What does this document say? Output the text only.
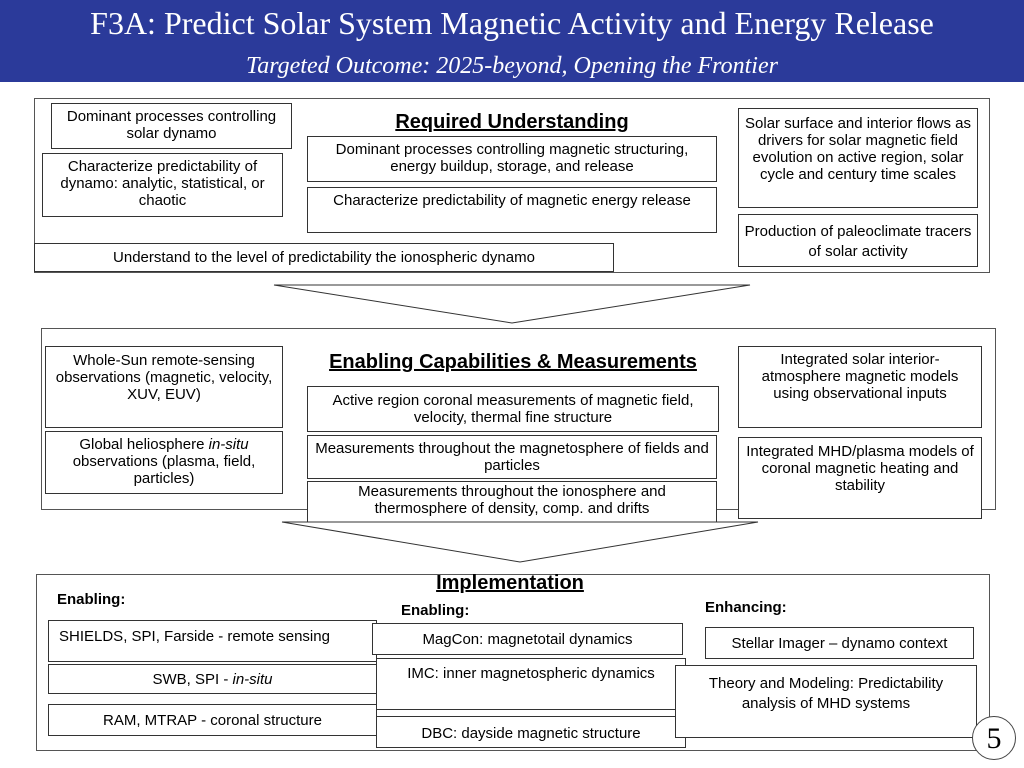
F3A: Predict Solar System Magnetic Activity and Energy Release
Targeted Outcome: 2025-beyond, Opening the Frontier
Required Understanding
Dominant processes controlling solar dynamo
Characterize predictability of dynamo: analytic, statistical, or chaotic
Dominant processes controlling magnetic structuring, energy buildup, storage, and release
Characterize predictability of magnetic energy release
Solar surface and interior flows as drivers for solar magnetic field evolution on active region, solar cycle and century time scales
Production of paleoclimate tracers of solar activity
Understand to the level of predictability the ionospheric dynamo
Enabling Capabilities & Measurements
Whole-Sun remote-sensing observations (magnetic, velocity, XUV, EUV)
Global heliosphere in-situ observations (plasma, field, particles)
Active region coronal measurements of magnetic field, velocity, thermal fine structure
Measurements throughout the magnetosphere of fields and particles
Measurements throughout the ionosphere and thermosphere of density, comp. and drifts
Integrated solar interior-atmosphere magnetic models using observational inputs
Integrated MHD/plasma models of coronal magnetic heating and stability
Implementation
Enabling:
Enabling:	Enhancing:
SHIELDS, SPI, Farside - remote sensing
SWB, SPI - in-situ
RAM, MTRAP - coronal structure
MagCon: magnetotail dynamics
IMC: inner magnetospheric dynamics
DBC: dayside magnetic structure
Stellar Imager – dynamo context
Theory and Modeling: Predictability analysis of MHD systems
5
